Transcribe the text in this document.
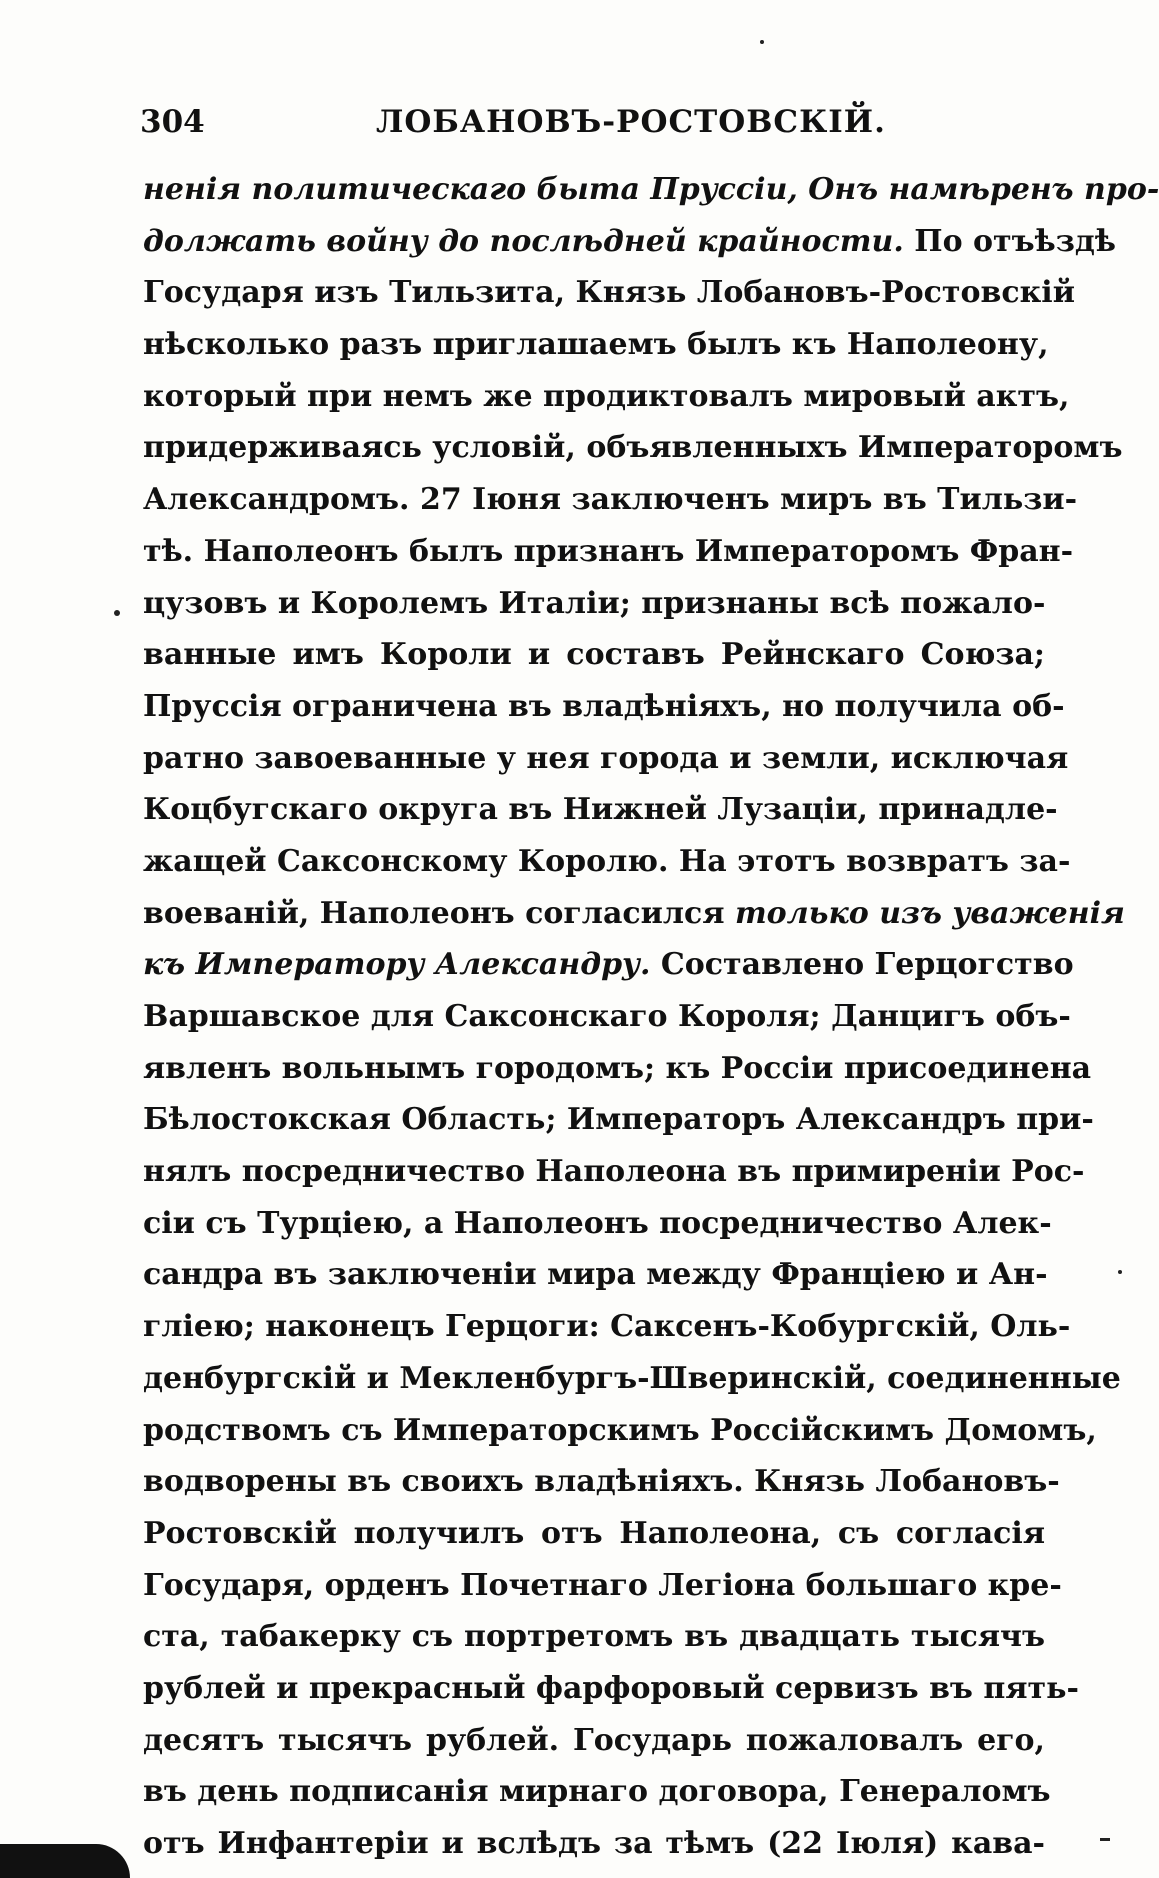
304	ЛОБАНОВЪ-РОСТОВСКІЙ.
ненія политическаго быта Пруссіи, Онъ намѣренъ про-
должать войну до послѣдней крайности. По отъѣздѣ
Государя изъ Тильзита, Князь Лобановъ-Ростовскій
нѣсколько разъ приглашаемъ былъ къ Наполеону,
который при немъ же продиктовалъ мировый актъ,
придерживаясь условій, объявленныхъ Императоромъ
Александромъ. 27 Іюня заключенъ миръ въ Тильзи-
тѣ. Наполеонъ былъ признанъ Императоромъ Фран-
цузовъ и Королемъ Италіи; признаны всѣ пожало-
ванные имъ Короли и составъ Рейнскаго Союза;
Пруссія ограничена въ владѣніяхъ, но получила об-
ратно завоеванные у нея города и земли, исключая
Коцбугскаго округа въ Нижней Лузаціи, принадле-
жащей Саксонскому Королю. На этотъ возвратъ за-
воеваній, Наполеонъ согласился только изъ уваженія
къ Императору Александру. Составлено Герцогство
Варшавское для Саксонскаго Короля; Данцигъ объ-
явленъ вольнымъ городомъ; къ Россіи присоединена
Бѣлостокская Область; Императоръ Александръ при-
нялъ посредничество Наполеона въ примиреніи Рос-
сіи съ Турціею, а Наполеонъ посредничество Алек-
сандра въ заключеніи мира между Франціею и Ан-
гліею; наконецъ Герцоги: Саксенъ-Кобургскій, Оль-
денбургскій и Мекленбургъ-Шверинскій, соединенные
родствомъ съ Императорскимъ Россійскимъ Домомъ,
водворены въ своихъ владѣніяхъ. Князь Лобановъ-
Ростовскій получилъ отъ Наполеона, съ согласія
Государя, орденъ Почетнаго Легіона большаго кре-
ста, табакерку съ портретомъ въ двадцать тысячъ
рублей и прекрасный фарфоровый сервизъ въ пять-
десятъ тысячъ рублей. Государь пожаловалъ его,
въ день подписанія мирнаго договора, Генераломъ
отъ Инфантеріи и вслѣдъ за тѣмъ (22 Іюля) кава-
